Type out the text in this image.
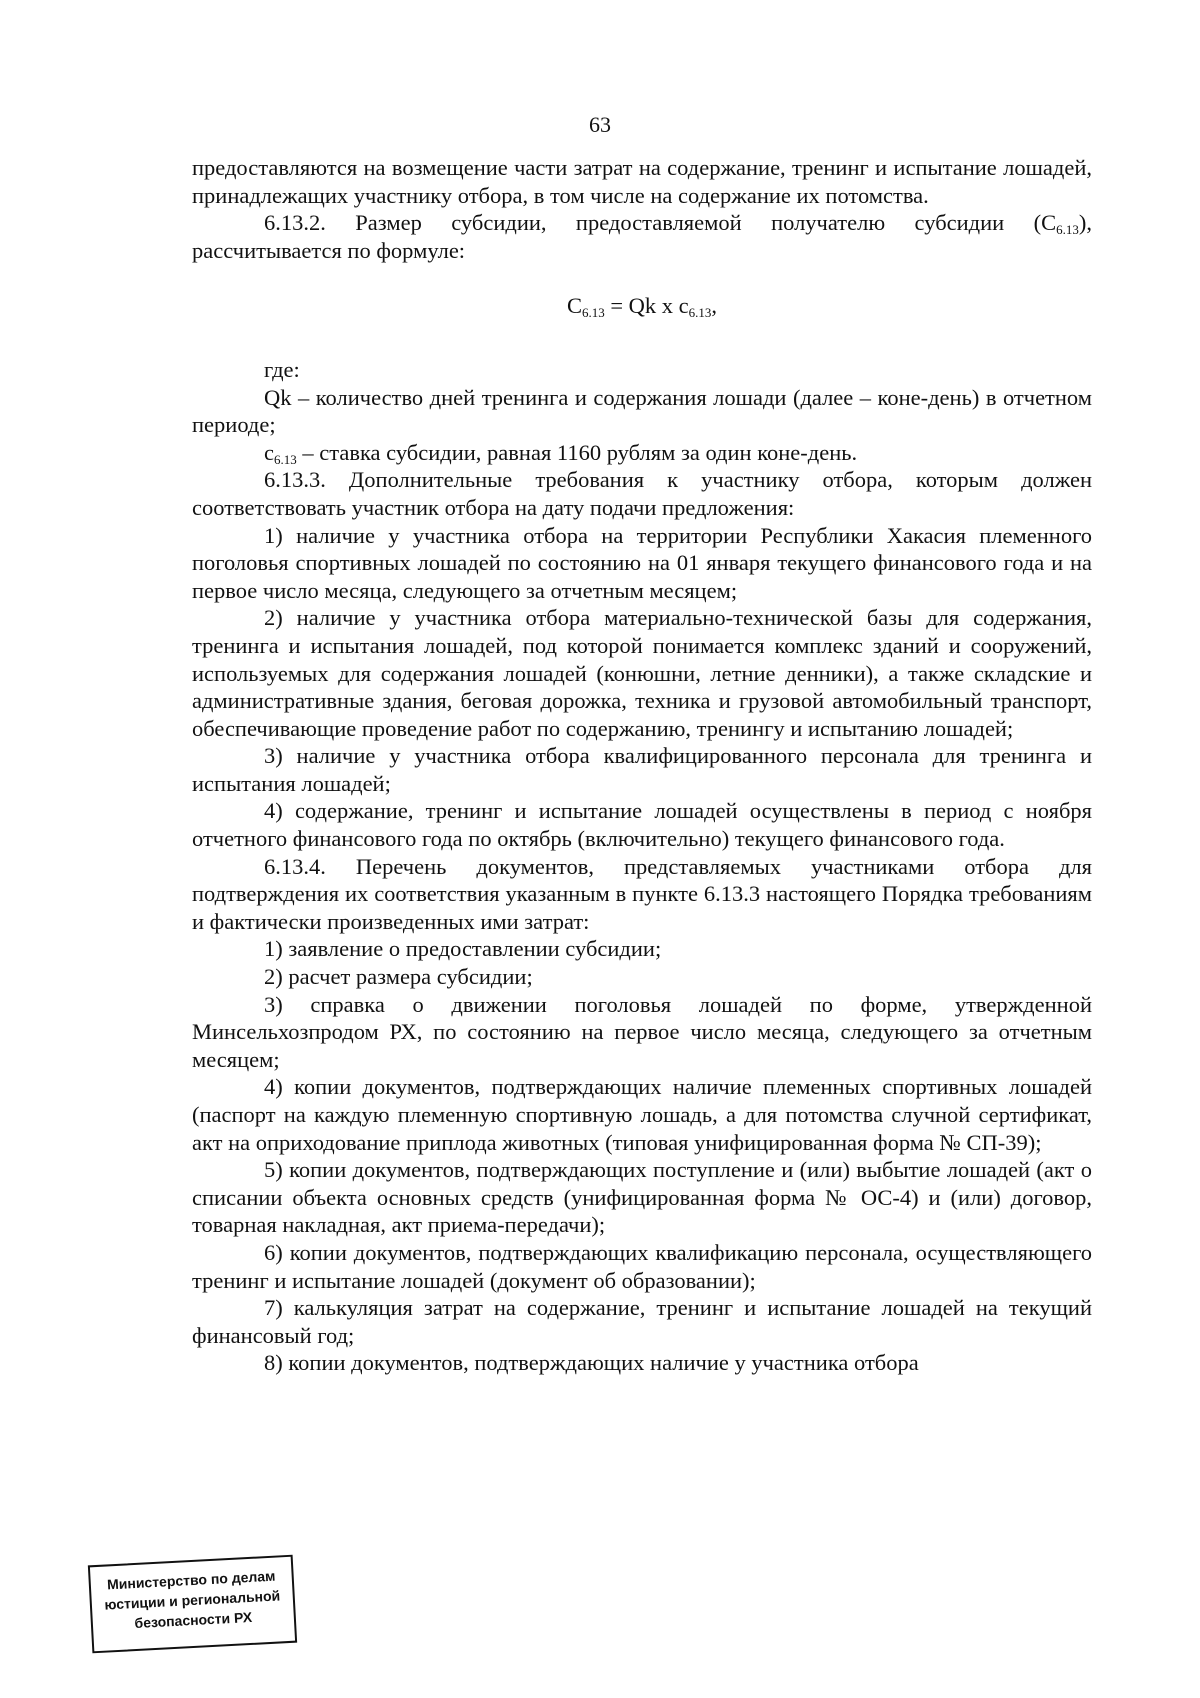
63

предоставляются на возмещение части затрат на содержание, тренинг и испытание лошадей, принадлежащих участнику отбора, в том числе на содержание их потомства.

6.13.2. Размер субсидии, предоставляемой получателю субсидии $(С_{6.13})$, рассчитывается по формуле:

$С_{6.13} = Qk$ x $с_{6.13}$,

где:

Qk – количество дней тренинга и содержания лошади (далее – коне-день) в отчетном периоде;

$с_{6.13}$ – ставка субсидии, равная 1160 рублям за один коне-день.

6.13.3. Дополнительные требования к участнику отбора, которым должен соответствовать участник отбора на дату подачи предложения:

1) наличие у участника отбора на территории Республики Хакасия племенного поголовья спортивных лошадей по состоянию на 01 января текущего финансового года и на первое число месяца, следующего за отчетным месяцем;

2) наличие у участника отбора материально-технической базы для содержания, тренинга и испытания лошадей, под которой понимается комплекс зданий и сооружений, используемых для содержания лошадей (конюшни, летние денники), а также складские и административные здания, беговая дорожка, техника и грузовой автомобильный транспорт, обеспечивающие проведение работ по содержанию, тренингу и испытанию лошадей;

3) наличие у участника отбора квалифицированного персонала для тренинга и испытания лошадей;

4) содержание, тренинг и испытание лошадей осуществлены в период с ноября отчетного финансового года по октябрь (включительно) текущего финансового года.

6.13.4. Перечень документов, представляемых участниками отбора для подтверждения их соответствия указанным в пункте 6.13.3 настоящего Порядка требованиям и фактически произведенных ими затрат:

1) заявление о предоставлении субсидии;

2) расчет размера субсидии;

3) справка о движении поголовья лошадей по форме, утвержденной Минсельхозпродом РХ, по состоянию на первое число месяца, следующего за отчетным месяцем;

4) копии документов, подтверждающих наличие племенных спортивных лошадей (паспорт на каждую племенную спортивную лошадь, а для потомства случной сертификат, акт на оприходование приплода животных (типовая унифицированная форма № СП-39);

5) копии документов, подтверждающих поступление и (или) выбытие лошадей (акт о списании объекта основных средств (унифицированная форма № ОС-4) и (или) договор, товарная накладная, акт приема-передачи);

6) копии документов, подтверждающих квалификацию персонала, осуществляющего тренинг и испытание лошадей (документ об образовании);

7) калькуляция затрат на содержание, тренинг и испытание лошадей на текущий финансовый год;

8) копии документов, подтверждающих наличие у участника отбора

Министерство по делам
юстиции и региональной
безопасности РХ
